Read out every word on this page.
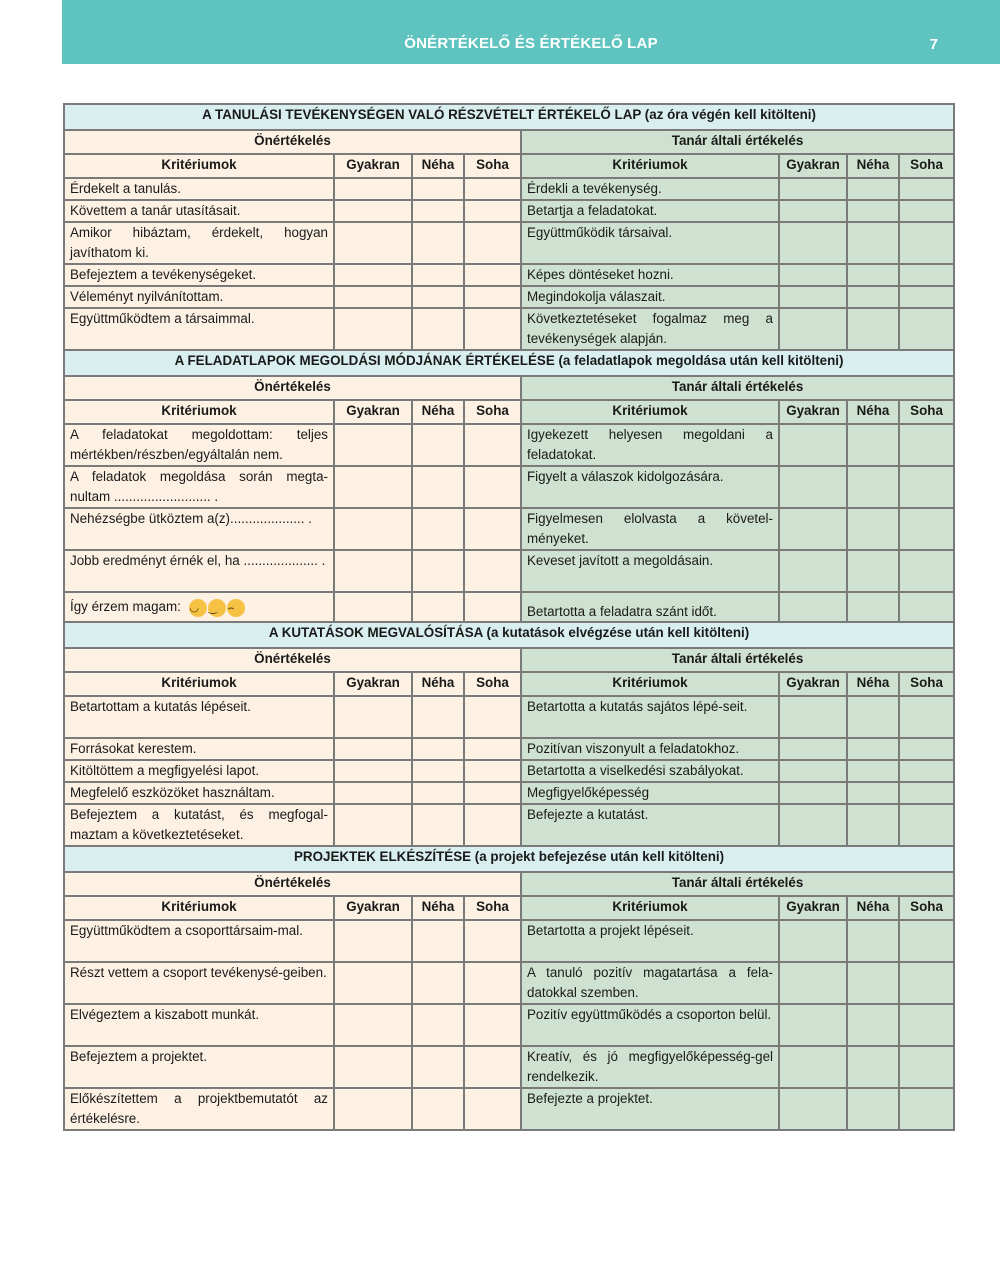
ÖNÉRTÉKELŐ ÉS ÉRTÉKELŐ LAP	7
A TANULÁSI TEVÉKENYSÉGEN VALÓ RÉSZVÉTELT ÉRTÉKELŐ LAP (az óra végén kell kitölteni)							
Önértékelés				Tanár általi értékelés			
Kritériumok	Gyakran	Néha	Soha	Kritériumok	Gyakran	Néha	Soha
Érdekelt a tanulás.				Érdekli a tevékenység.			
Követtem a tanár utasításait.				Betartja a feladatokat.			
Amikor hibáztam, érdekelt, hogyan javíthatom ki.				Együttműködik társaival.			
Befejeztem a tevékenységeket.				Képes döntéseket hozni.			
Véleményt nyilvánítottam.				Megindokolja válaszait.			
Együttműködtem a társaimmal.				Következtetéseket fogalmaz meg a tevékenységek alapján.			
A FELADATLAPOK MEGOLDÁSI MÓDJÁNAK ÉRTÉKELÉSE (a feladatlapok megoldása után kell kitölteni)							
Önértékelés				Tanár általi értékelés			
Kritériumok	Gyakran	Néha	Soha	Kritériumok	Gyakran	Néha	Soha
A feladatokat megoldottam: teljes mértékben/részben/egyáltalán nem.				Igyekezett helyesen megoldani a feladatokat.			
A feladatok megoldása során megta-nultam .......................... .				Figyelt a válaszok kidolgozására.			
Nehézségbe ütköztem a(z).................... .				Figyelmesen elolvasta a követel-ményeket.			
Jobb eredményt érnék el, ha .................... .				Keveset javított a megoldásain.			
Így érzem magam: ◡ ‿ ⌢				Betartotta a feladatra szánt időt.			
A KUTATÁSOK MEGVALÓSÍTÁSA (a kutatások elvégzése után kell kitölteni)							
Önértékelés				Tanár általi értékelés			
Kritériumok	Gyakran	Néha	Soha	Kritériumok	Gyakran	Néha	Soha
Betartottam a kutatás lépéseit.				Betartotta a kutatás sajátos lépé-seit.			
Forrásokat kerestem.				Pozitívan viszonyult a feladatokhoz.			
Kitöltöttem a megfigyelési lapot.				Betartotta a viselkedési szabályokat.			
Megfelelő eszközöket használtam.				Megfigyelőképesség			
Befejeztem a kutatást, és megfogal-maztam a következtetéseket.				Befejezte a kutatást.			
PROJEKTEK ELKÉSZÍTÉSE (a projekt befejezése után kell kitölteni)							
Önértékelés				Tanár általi értékelés			
Kritériumok	Gyakran	Néha	Soha	Kritériumok	Gyakran	Néha	Soha
Együttműködtem a csoporttársaim-mal.				Betartotta a projekt lépéseit.			
Részt vettem a csoport tevékenysé-geiben.				A tanuló pozitív magatartása a fela-datokkal szemben.			
Elvégeztem a kiszabott munkát.				Pozitív együttműködés a csoporton belül.			
Befejeztem a projektet.				Kreatív, és jó megfigyelőképesség-gel rendelkezik.			
Előkészítettem a projektbemutatót az értékelésre.				Befejezte a projektet.			
